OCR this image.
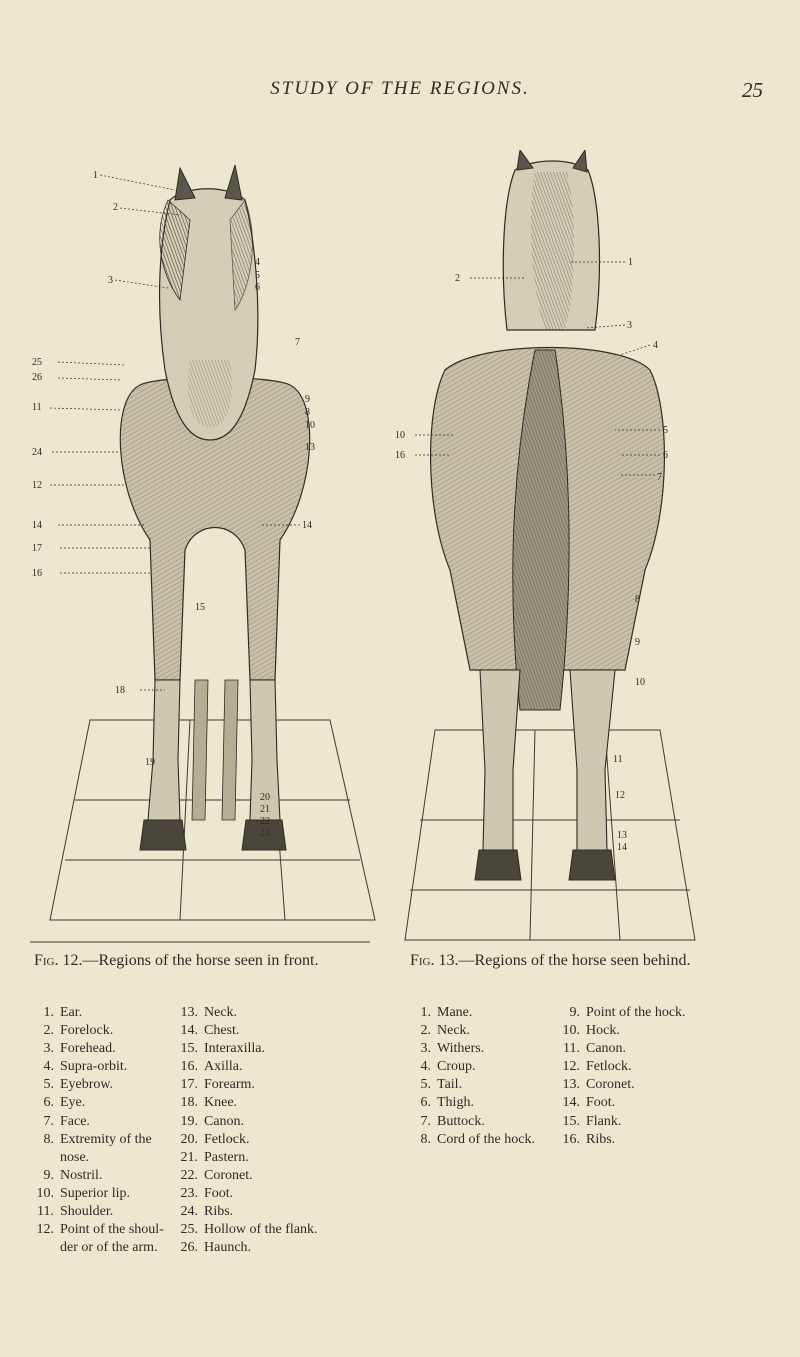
STUDY OF THE REGIONS.	25
1
2
3
4
5
6
7
8
9
10
13
14
15
18
19
20
21
22
23
25
26
11
24
12
14
17
16
1
2
3
4
5
6
7
8
9
10
10
16
11
12
13
14
Fig. 12.—Regions of the horse seen in front.	Fig. 13.—Regions of the horse seen behind.
1. Ear.
2. Forelock.
3. Forehead.
4. Supra-orbit.
5. Eyebrow.
6. Eye.
7. Face.
8. Extremity of the
nose.
9. Nostril.
10. Superior lip.
11. Shoulder.
12. Point of the shoul-
der or of the arm.
13. Neck.
14. Chest.
15. Interaxilla.
16. Axilla.
17. Forearm.
18. Knee.
19. Canon.
20. Fetlock.
21. Pastern.
22. Coronet.
23. Foot.
24. Ribs.
25. Hollow of the flank.
26. Haunch.
1. Mane.
2. Neck.
3. Withers.
4. Croup.
5. Tail.
6. Thigh.
7. Buttock.
8. Cord of the hock.
9. Point of the hock.
10. Hock.
11. Canon.
12. Fetlock.
13. Coronet.
14. Foot.
15. Flank.
16. Ribs.
